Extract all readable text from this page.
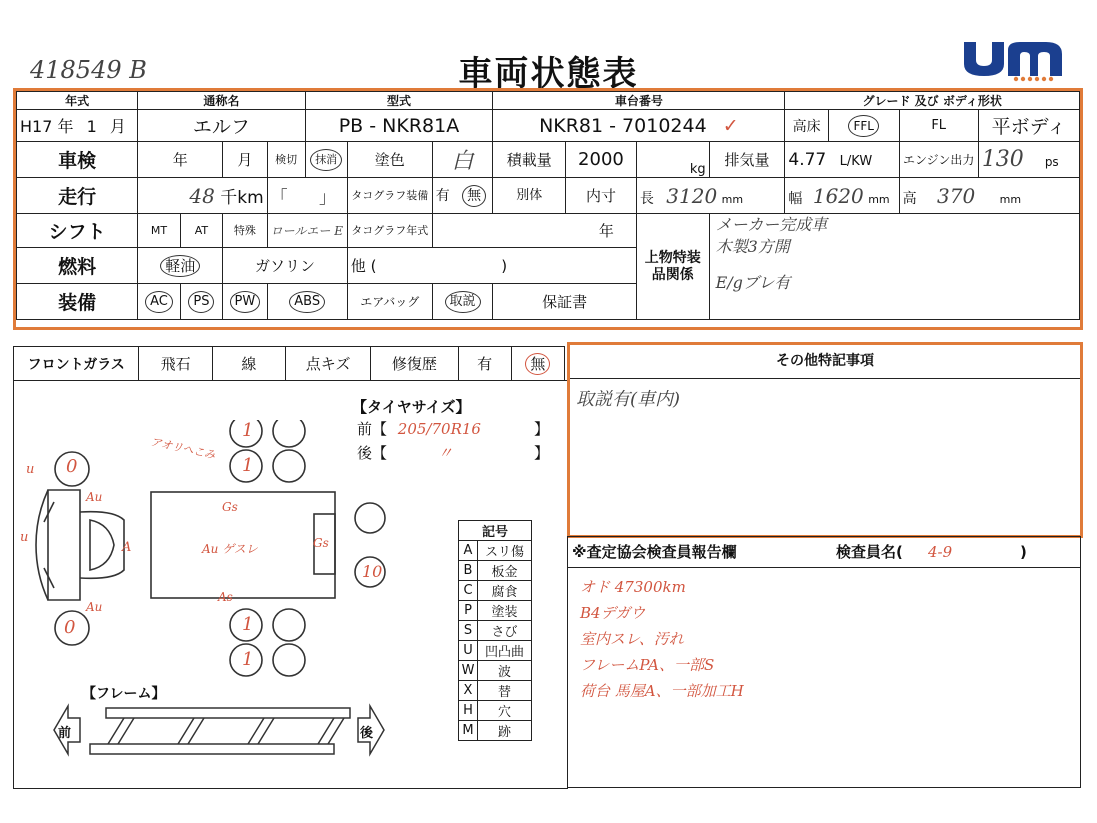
418549 B	車両状態表
年式	通称名				型式			車台番号				グレード 及び ボディ形状			
H17 年 1 月	エルフ				PB - NKR81A			NKR81 - 7010244 ✓				高床	FFL	FL	平ボディ
車検	年		月	検切	抹消	塗色	白	積載量	2000	kg	排気量	4.77 L/KW		エンジン出力	130 ps
走行	48 千km			「 」		タコグラフ装備	有 無	別体	内寸	長 3120 mm		幅 1620 mm		高 370 mm	
シフト	MT	AT	特殊	ロールエー E		タコグラフ年式	年			上物特装品関係	メーカー完成車
木製3方開
E/gブレ有				

燃料	軽油		ガソリン			他 ( )									
装備	AC	PS	PW	ABS		エアバッグ	取説	保証書							
フロントガラス	飛石	線	点キズ	修復歴	有	無
【タイヤサイズ】
前【 205/70R16	】
後【	〃	】
0
0
1
1
1
1
10
u
u
A
Au
Au
Gs
Gs
As
Au ゲスレ
アオリへこみ
記号	
A	スリ傷
B	板金
C	腐食
P	塗装
S	さび
U	凹凸曲
W	波
X	替
H	穴
M	跡
【フレーム】
前	後
その他特記事項
取説有(車内)
※査定協会検査員報告欄	検査員名( 4-9	)
オド 47300km
B4デガウ
室内スレ、汚れ
フレームPA、一部S
荷台 馬屋A、一部加工H
